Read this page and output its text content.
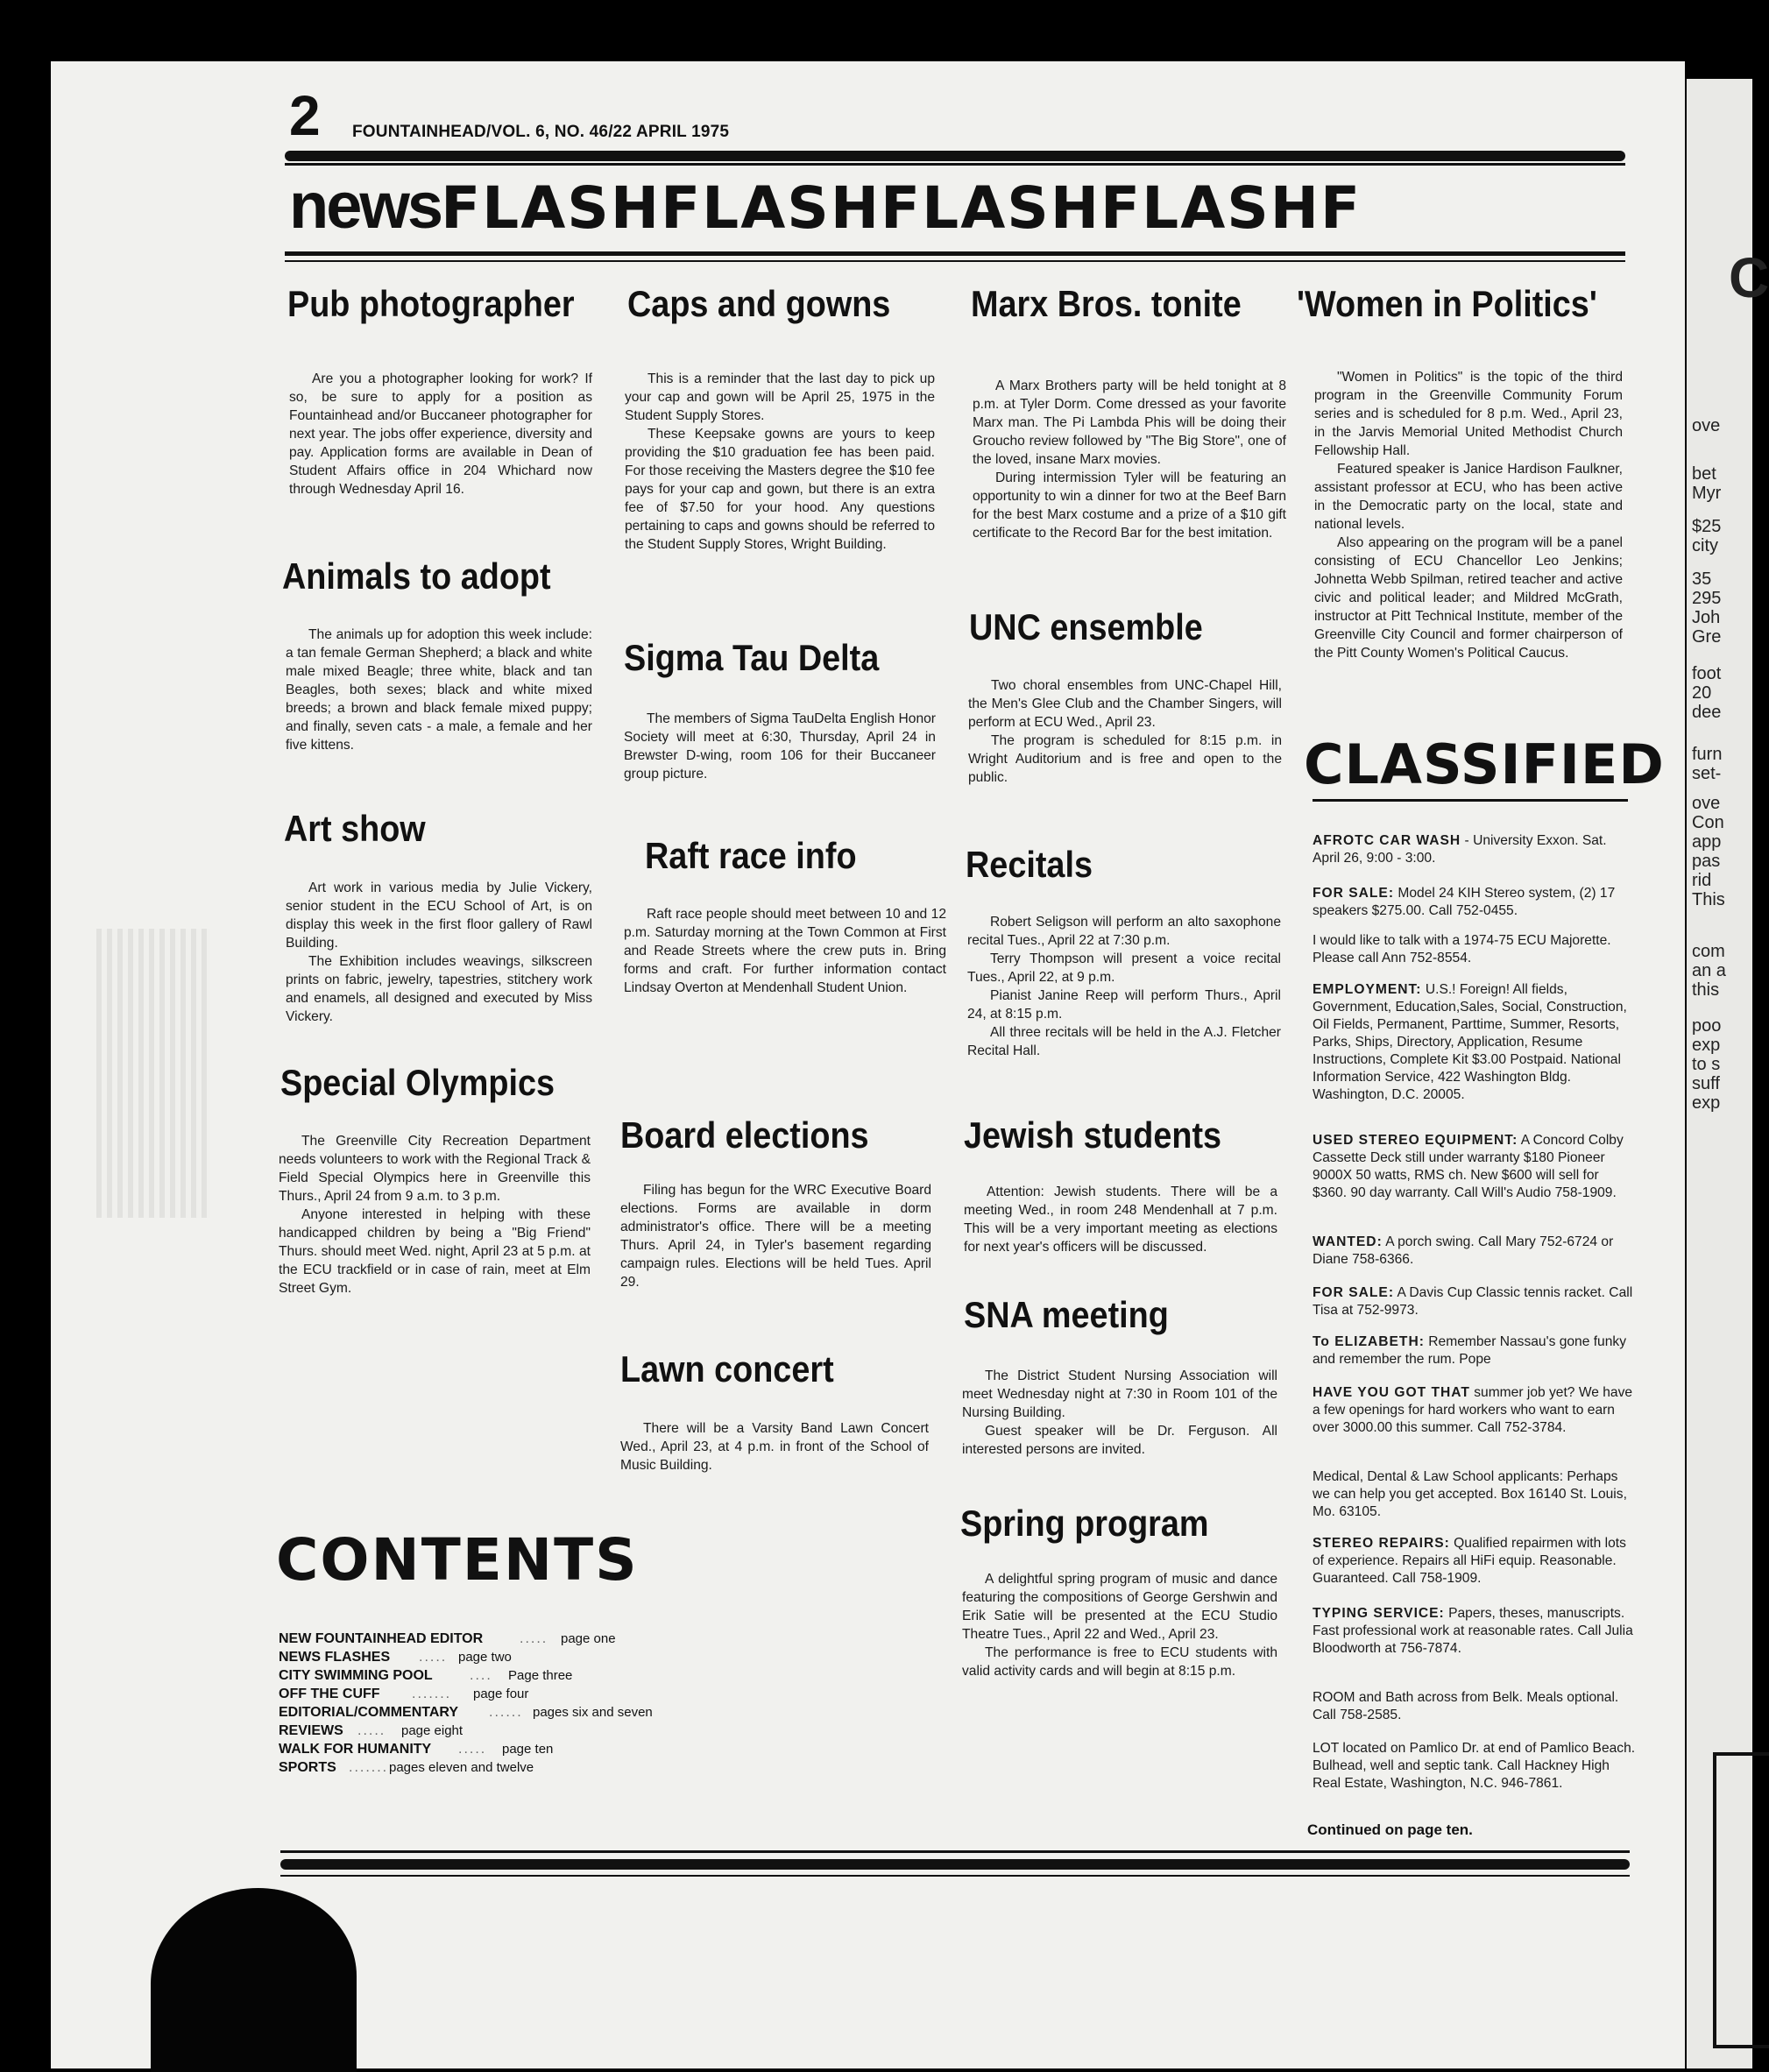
C
ove
bet
Myr
$25
city
35
295
Joh
Gre
foot
20
dee
furn
set-
ove
Con
app
pas
rid
This
com
an a
this
poo
exp
to s
suff
exp
2 FOUNTAINHEAD/VOL. 6, NO. 46/22 APRIL 1975
newsFLASHFLASHFLASHFLASHF
Pub photographer

Are you a photographer looking for work? If so, be sure to apply for a position as Fountainhead and/or Buccaneer photographer for next year. The jobs offer experience, diversity and pay. Application forms are available in Dean of Student Affairs office in 204 Whichard now through Wednesday April 16.

Animals to adopt

The animals up for adoption this week include: a tan female German Shepherd; a black and white male mixed Beagle; three white, black and tan Beagles, both sexes; black and white mixed breeds; a brown and black female mixed puppy; and finally, seven cats - a male, a female and her five kittens.

Art show

Art work in various media by Julie Vickery, senior student in the ECU School of Art, is on display this week in the first floor gallery of Rawl Building.

The Exhibition includes weavings, silkscreen prints on fabric, jewelry, tapestries, stitchery work and enamels, all designed and executed by Miss Vickery.

Special Olympics

The Greenville City Recreation Department needs volunteers to work with the Regional Track & Field Special Olympics here in Greenville this Thurs., April 24 from 9 a.m. to 3 p.m.

Anyone interested in helping with these handicapped children by being a "Big Friend" Thurs. should meet Wed. night, April 23 at 5 p.m. at the ECU trackfield or in case of rain, meet at Elm Street Gym.

Caps and gowns

This is a reminder that the last day to pick up your cap and gown will be April 25, 1975 in the Student Supply Stores.

These Keepsake gowns are yours to keep providing the $10 graduation fee has been paid. For those receiving the Masters degree the $10 fee pays for your cap and gown, but there is an extra fee of $7.50 for your hood. Any questions pertaining to caps and gowns should be referred to the Student Supply Stores, Wright Building.

Sigma Tau Delta

The members of Sigma TauDelta English Honor Society will meet at 6:30, Thursday, April 24 in Brewster D-wing, room 106 for their Buccaneer group picture.

Raft race info

Raft race people should meet between 10 and 12 p.m. Saturday morning at the Town Common at First and Reade Streets where the crew puts in. Bring forms and craft. For further information contact Lindsay Overton at Mendenhall Student Union.

Board elections

Filing has begun for the WRC Executive Board elections. Forms are available in dorm administrator's office. There will be a meeting Thurs. April 24, in Tyler's basement regarding campaign rules. Elections will be held Tues. April 29.

Lawn concert

There will be a Varsity Band Lawn Concert Wed., April 23, at 4 p.m. in front of the School of Music Building.

Marx Bros. tonite

A Marx Brothers party will be held tonight at 8 p.m. at Tyler Dorm. Come dressed as your favorite Marx man. The Pi Lambda Phis will be doing their Groucho review followed by "The Big Store", one of the loved, insane Marx movies.

During intermission Tyler will be featuring an opportunity to win a dinner for two at the Beef Barn for the best Marx costume and a prize of a $10 gift certificate to the Record Bar for the best imitation.

UNC ensemble

Two choral ensembles from UNC-Chapel Hill, the Men's Glee Club and the Chamber Singers, will perform at ECU Wed., April 23.

The program is scheduled for 8:15 p.m. in Wright Auditorium and is free and open to the public.

Recitals

Robert Seligson will perform an alto saxophone recital Tues., April 22 at 7:30 p.m.

Terry Thompson will present a voice recital Tues., April 22, at 9 p.m.

Pianist Janine Reep will perform Thurs., April 24, at 8:15 p.m.

All three recitals will be held in the A.J. Fletcher Recital Hall.

Jewish students

Attention: Jewish students. There will be a meeting Wed., in room 248 Mendenhall at 7 p.m. This will be a very important meeting as elections for next year's officers will be discussed.

SNA meeting

The District Student Nursing Association will meet Wednesday night at 7:30 in Room 101 of the Nursing Building.

Guest speaker will be Dr. Ferguson. All interested persons are invited.

Spring program

A delightful spring program of music and dance featuring the compositions of George Gershwin and Erik Satie will be presented at the ECU Studio Theatre Tues., April 22 and Wed., April 23.

The performance is free to ECU students with valid activity cards and will begin at 8:15 p.m.

'Women in Politics'

"Women in Politics" is the topic of the third program in the Greenville Community Forum series and is scheduled for 8 p.m. Wed., April 23, in the Jarvis Memorial United Methodist Church Fellowship Hall.

Featured speaker is Janice Hardison Faulkner, assistant professor at ECU, who has been active in the Democratic party on the local, state and national levels.

Also appearing on the program will be a panel consisting of ECU Chancellor Leo Jenkins; Johnetta Webb Spilman, retired teacher and active civic and political leader; and Mildred McGrath, instructor at Pitt Technical Institute, member of the Greenville City Council and former chairperson of the Pitt County Women's Political Caucus.

CLASSIFIED
AFROTC CAR WASH - University Exxon. Sat. April 26, 9:00 - 3:00.
FOR SALE: Model 24 KIH Stereo system, (2) 17 speakers $275.00. Call 752-0455.
I would like to talk with a 1974-75 ECU Majorette. Please call Ann 752-8554.
EMPLOYMENT: U.S.! Foreign! All fields, Government, Education,Sales, Social, Construction, Oil Fields, Permanent, Parttime, Summer, Resorts, Parks, Ships, Directory, Application, Resume Instructions, Complete Kit $3.00 Postpaid. National Information Service, 422 Washington Bldg. Washington, D.C. 20005.
USED STEREO EQUIPMENT: A Concord Colby Cassette Deck still under warranty $180 Pioneer 9000X 50 watts, RMS ch. New $600 will sell for $360. 90 day warranty. Call Will's Audio 758-1909.
WANTED: A porch swing. Call Mary 752-6724 or Diane 758-6366.
FOR SALE: A Davis Cup Classic tennis racket. Call Tisa at 752-9973.
To ELIZABETH: Remember Nassau's gone funky and remember the rum. Pope
HAVE YOU GOT THAT summer job yet? We have a few openings for hard workers who want to earn over 3000.00 this summer. Call 752-3784.
Medical, Dental & Law School applicants: Perhaps we can help you get accepted. Box 16140 St. Louis, Mo. 63105.
STEREO REPAIRS: Qualified repairmen with lots of experience. Repairs all HiFi equip. Reasonable. Guaranteed. Call 758-1909.
TYPING SERVICE: Papers, theses, manuscripts. Fast professional work at reasonable rates. Call Julia Bloodworth at 756-7874.
ROOM and Bath across from Belk. Meals optional. Call 758-2585.
LOT located on Pamlico Dr. at end of Pamlico Beach. Bulhead, well and septic tank. Call Hackney High Real Estate, Washington, N.C. 946-7861.
Continued on page ten.
CONTENTS
NEW FOUNTAINHEAD EDITOR	..... page one
NEWS FLASHES ..... page two
CITY SWIMMING POOL	.... Page three
OFF THE CUFF ....... page four
EDITORIAL/COMMENTARY ...... pages six and seven
REVIEWS ..... page eight
WALK FOR HUMANITY ..... page ten
SPORTS ....... pages eleven and twelve
